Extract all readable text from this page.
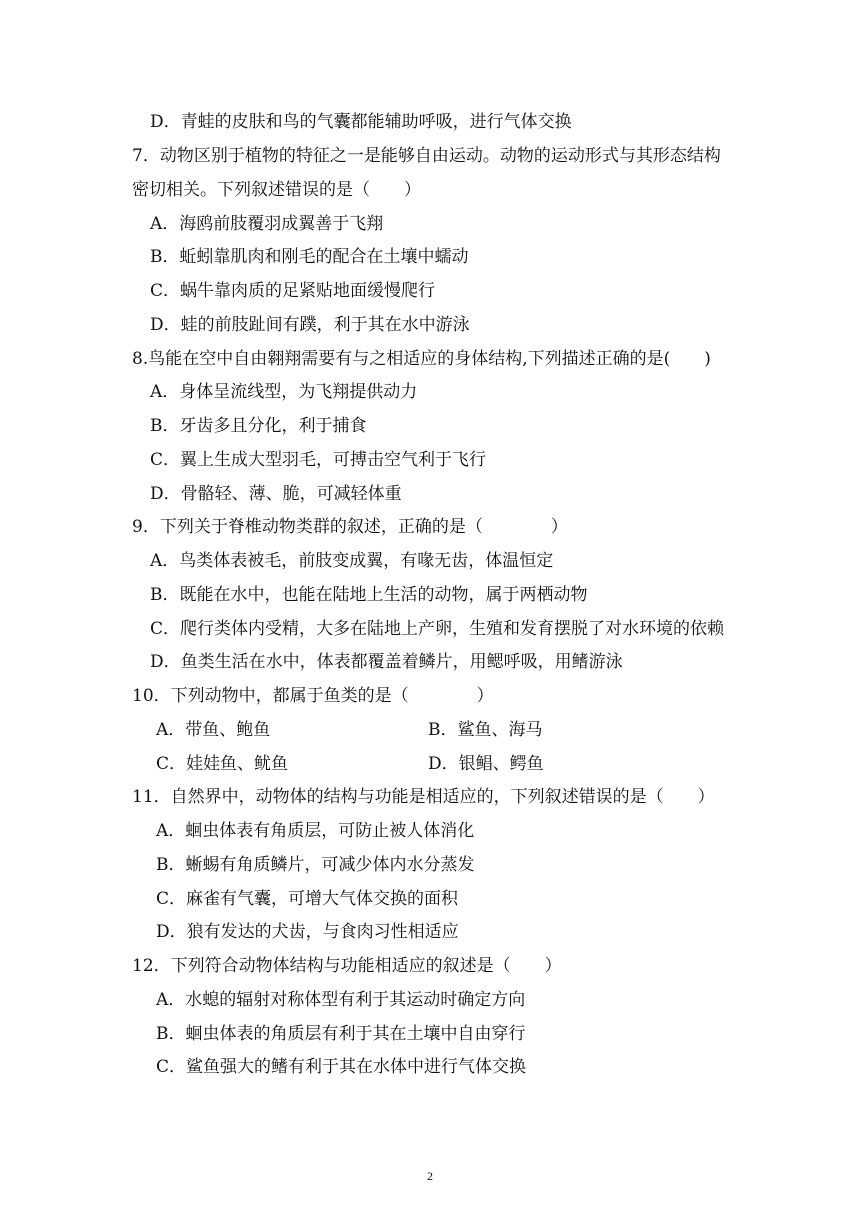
D．青蛙的皮肤和鸟的气囊都能辅助呼吸，进行气体交换
7．动物区别于植物的特征之一是能够自由运动。动物的运动形式与其形态结构
密切相关。下列叙述错误的是（　　）
A．海鸥前肢覆羽成翼善于飞翔
B．蚯蚓靠肌肉和刚毛的配合在土壤中蠕动
C．蜗牛靠肉质的足紧贴地面缓慢爬行
D．蛙的前肢趾间有蹼，利于其在水中游泳
8.鸟能在空中自由翱翔需要有与之相适应的身体结构,下列描述正确的是(　　)
A．身体呈流线型，为飞翔提供动力
B．牙齿多且分化，利于捕食
C．翼上生成大型羽毛，可搏击空气利于飞行
D．骨骼轻、薄、脆，可减轻体重
9．下列关于脊椎动物类群的叙述，正确的是（　　　　）
A．鸟类体表被毛，前肢变成翼，有喙无齿，体温恒定
B．既能在水中，也能在陆地上生活的动物，属于两栖动物
C．爬行类体内受精，大多在陆地上产卵，生殖和发育摆脱了对水环境的依赖
D．鱼类生活在水中，体表都覆盖着鳞片，用鳃呼吸，用鳍游泳
10．下列动物中，都属于鱼类的是（　　　　）
A．带鱼、鲍鱼	B．鲨鱼、海马
C．娃娃鱼、鱿鱼	D．银鲳、鳄鱼
11．自然界中，动物体的结构与功能是相适应的，下列叙述错误的是（　　）
A．蛔虫体表有角质层，可防止被人体消化
B．蜥蜴有角质鳞片，可减少体内水分蒸发
C．麻雀有气囊，可增大气体交换的面积
D．狼有发达的犬齿，与食肉习性相适应
12．下列符合动物体结构与功能相适应的叙述是（　　）
A．水螅的辐射对称体型有利于其运动时确定方向
B．蛔虫体表的角质层有利于其在土壤中自由穿行
C．鲨鱼强大的鳍有利于其在水体中进行气体交换
2
